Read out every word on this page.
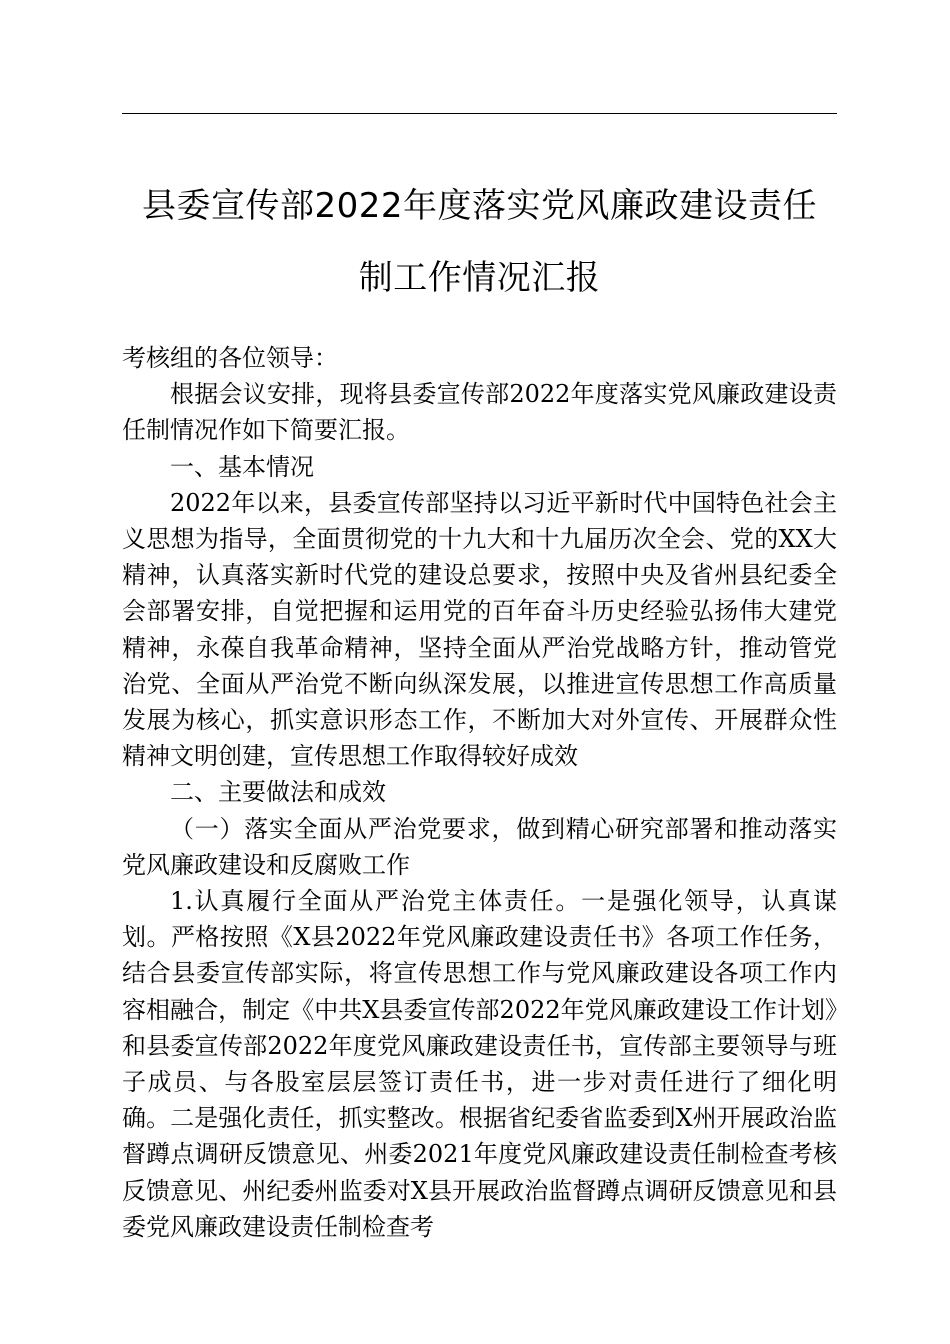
县委宣传部2022年度落实党风廉政建设责任
制工作情况汇报

考核组的各位领导：

根据会议安排，现将县委宣传部2022年度落实党风廉政建设责任制情况作如下简要汇报。

一、基本情况

2022年以来，县委宣传部坚持以习近平新时代中国特色社会主义思想为指导，全面贯彻党的十九大和十九届历次全会、党的XX大精神，认真落实新时代党的建设总要求，按照中央及省州县纪委全会部署安排，自觉把握和运用党的百年奋斗历史经验弘扬伟大建党精神，永葆自我革命精神，坚持全面从严治党战略方针，推动管党治党、全面从严治党不断向纵深发展，以推进宣传思想工作高质量发展为核心，抓实意识形态工作，不断加大对外宣传、开展群众性精神文明创建，宣传思想工作取得较好成效

二、主要做法和成效

（一）落实全面从严治党要求，做到精心研究部署和推动落实党风廉政建设和反腐败工作

1.认真履行全面从严治党主体责任。一是强化领导，认真谋划。严格按照《X县2022年党风廉政建设责任书》各项工作任务，结合县委宣传部实际，将宣传思想工作与党风廉政建设各项工作内容相融合，制定《中共X县委宣传部2022年党风廉政建设工作计划》和县委宣传部2022年度党风廉政建设责任书，宣传部主要领导与班子成员、与各股室层层签订责任书，进一步对责任进行了细化明确。二是强化责任，抓实整改。根据省纪委省监委到X州开展政治监督蹲点调研反馈意见、州委2021年度党风廉政建设责任制检查考核反馈意见、州纪委州监委对X县开展政治监督蹲点调研反馈意见和县委党风廉政建设责任制检查考
